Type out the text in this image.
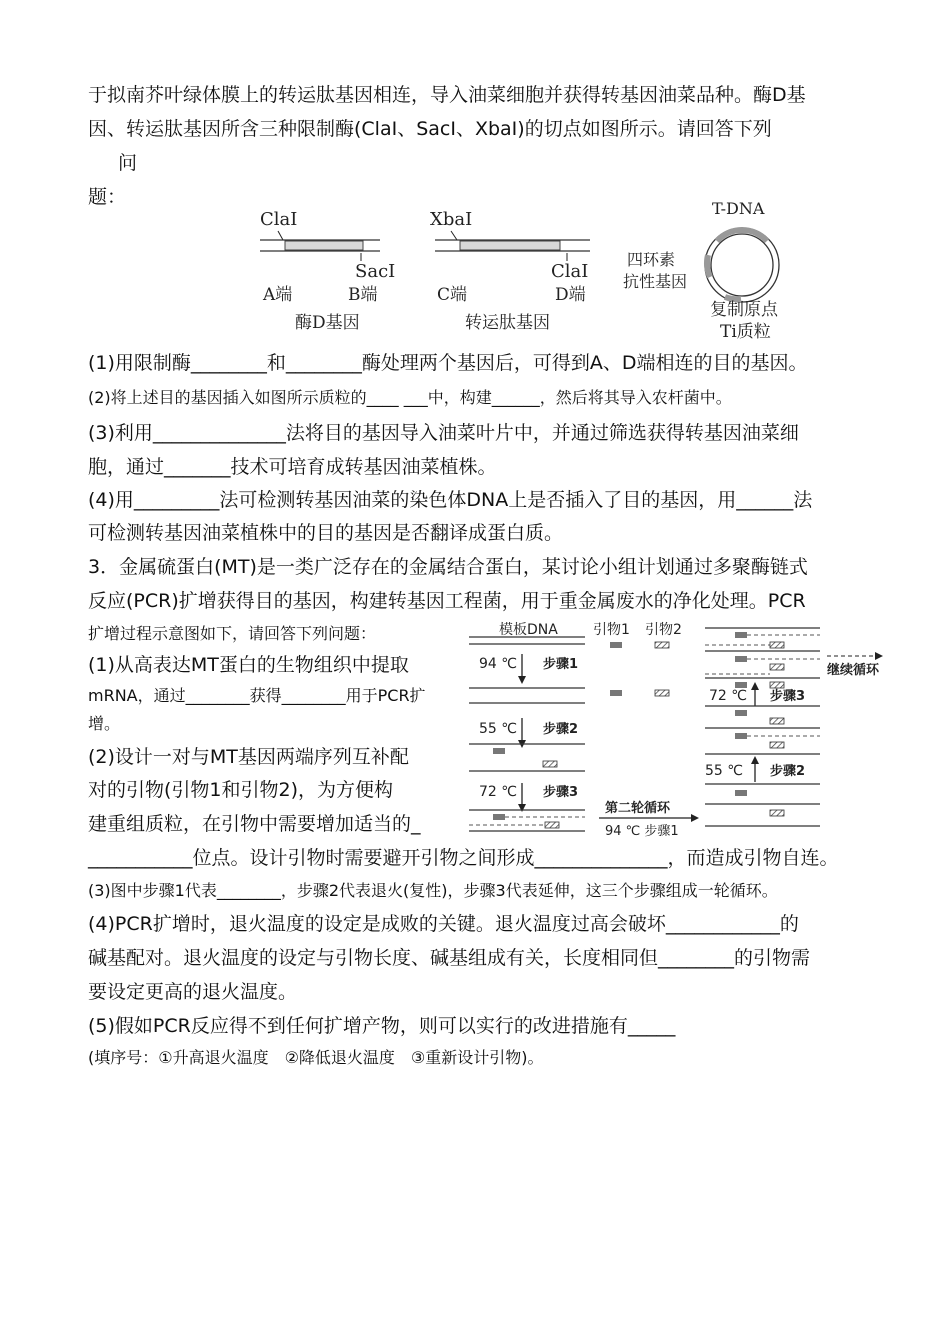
于拟南芥叶绿体膜上的转运肽基因相连，导入油菜细胞并获得转基因油菜品种。酶D基
因、转运肽基因所含三种限制酶(ClaⅠ、SacⅠ、XbaⅠ)的切点如图所示。请回答下列
问
题：
ClaⅠ
SacⅠ
A端	B端
酶D基因
XbaⅠ
ClaⅠ
C端	D端
转运肽基因
T-DNA
四环素
抗性基因
复制原点
Ti质粒
(1)用限制酶________和________酶处理两个基因后，可得到A、D端相连的目的基因。
(2)将上述目的基因插入如图所示质粒的____ ___中，构建______，然后将其导入农杆菌中。
(3)利用______________法将目的基因导入油菜叶片中，并通过筛选获得转基因油菜细
胞，通过_______技术可培育成转基因油菜植株。
(4)用_________法可检测转基因油菜的染色体DNA上是否插入了目的基因，用______法
可检测转基因油菜植株中的目的基因是否翻译成蛋白质。
3．金属硫蛋白(MT)是一类广泛存在的金属结合蛋白，某讨论小组计划通过多聚酶链式
反应(PCR)扩增获得目的基因，构建转基因工程菌，用于重金属废水的净化处理。PCR
扩增过程示意图如下，请回答下列问题：
(1)从高表达MT蛋白的生物组织中提取
mRNA，通过________获得________用于PCR扩
增。
(2)设计一对与MT基因两端序列互补配
对的引物(引物1和引物2)，为方便构
建重组质粒，在引物中需要增加适当的_
___________位点。设计引物时需要避开引物之间形成______________，而造成引物自连。
(3)图中步骤1代表________，步骤2代表退火(复性)，步骤3代表延伸，这三个步骤组成一轮循环。
(4)PCR扩增时，退火温度的设定是成败的关键。退火温度过高会破坏____________的
碱基配对。退火温度的设定与引物长度、碱基组成有关，长度相同但________的引物需
要设定更高的退火温度。
(5)假如PCR反应得不到任何扩增产物，则可以实行的改进措施有_____
(填序号：①升高退火温度　②降低退火温度　③重新设计引物)。
模板DNA
94 ℃ 步骤1
55 ℃ 步骤2
72 ℃ 步骤3
引物1 引物2
第二轮循环
94 ℃ 步骤1
继续循环
72 ℃ 步骤3
55 ℃ 步骤2
